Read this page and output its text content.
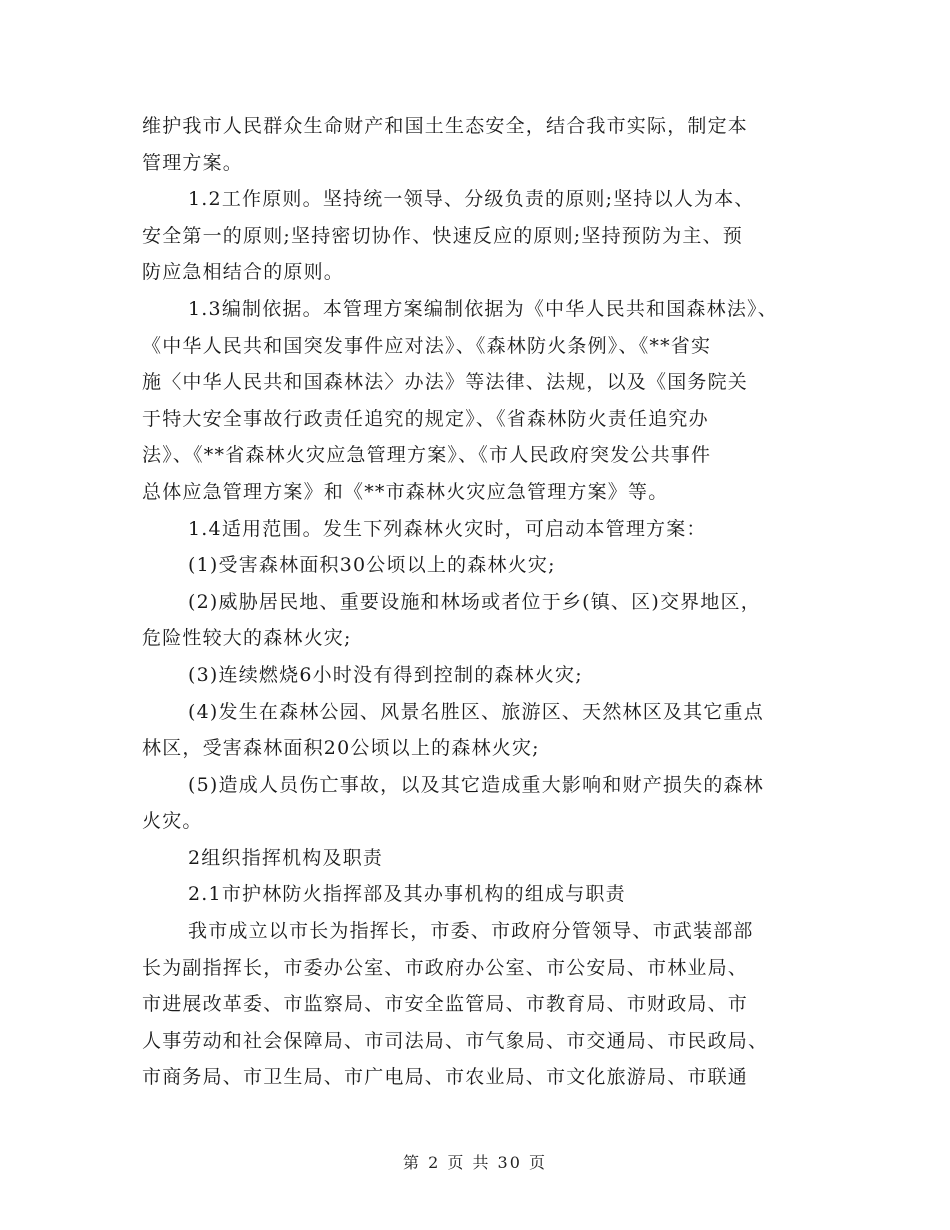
维护我市人民群众生命财产和国土生态安全，结合我市实际，制定本
管理方案。
1.2工作原则。坚持统一领导、分级负责的原则;坚持以人为本、
安全第一的原则;坚持密切协作、快速反应的原则;坚持预防为主、预
防应急相结合的原则。
1.3编制依据。本管理方案编制依据为《中华人民共和国森林法》、
《中华人民共和国突发事件应对法》、《森林防火条例》、《**省实
施〈中华人民共和国森林法〉办法》等法律、法规，以及《国务院关
于特大安全事故行政责任追究的规定》、《省森林防火责任追究办
法》、《**省森林火灾应急管理方案》、《市人民政府突发公共事件
总体应急管理方案》和《**市森林火灾应急管理方案》等。
1.4适用范围。发生下列森林火灾时，可启动本管理方案：
(1)受害森林面积30公顷以上的森林火灾;
(2)威胁居民地、重要设施和林场或者位于乡(镇、区)交界地区，
危险性较大的森林火灾;
(3)连续燃烧6小时没有得到控制的森林火灾;
(4)发生在森林公园、风景名胜区、旅游区、天然林区及其它重点
林区，受害森林面积20公顷以上的森林火灾;
(5)造成人员伤亡事故，以及其它造成重大影响和财产损失的森林
火灾。
2组织指挥机构及职责
2.1市护林防火指挥部及其办事机构的组成与职责
我市成立以市长为指挥长，市委、市政府分管领导、市武装部部
长为副指挥长，市委办公室、市政府办公室、市公安局、市林业局、
市进展改革委、市监察局、市安全监管局、市教育局、市财政局、市
人事劳动和社会保障局、市司法局、市气象局、市交通局、市民政局、
市商务局、市卫生局、市广电局、市农业局、市文化旅游局、市联通
第 2 页 共 30 页
